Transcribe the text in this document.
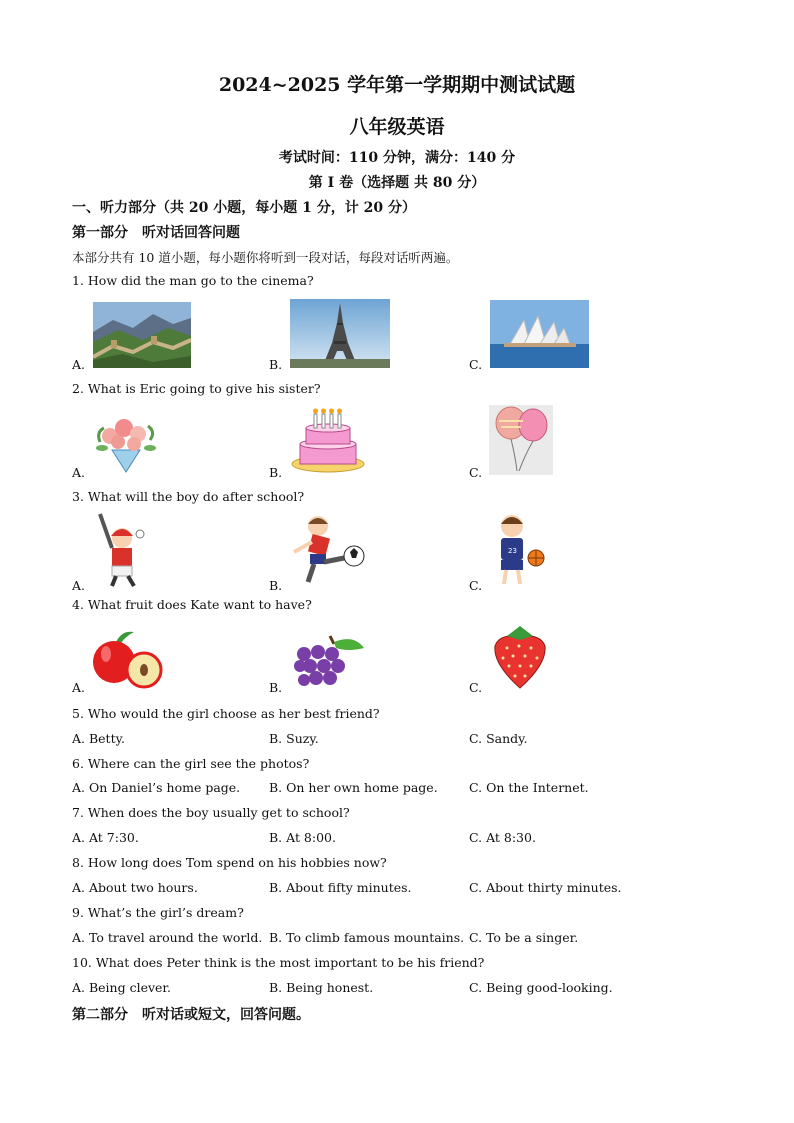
2024~2025 学年第一学期期中测试试题
八年级英语
考试时间：110 分钟，满分：140 分
第 I 卷（选择题 共 80 分）
一、听力部分（共 20 小题，每小题 1 分，计 20 分）
第一部分　听对话回答问题
本部分共有 10 道小题，每小题你将听到一段对话，每段对话听两遍。
1. How did the man go to the cinema?
A.	B.	C.
2. What is Eric going to give his sister?
A.	B.	C.
3. What will the boy do after school?
A.	B.	C.
23
4. What fruit does Kate want to have?
A.	B.	C.
5. Who would the girl choose as her best friend?
A. Betty.	B. Suzy.	C. Sandy.
6. Where can the girl see the photos?
A. On Daniel’s home page. B. On her own home page.	C. On the Internet.
7. When does the boy usually get to school?
A. At 7:30.	B. At 8:00.	C. At 8:30.
8. How long does Tom spend on his hobbies now?
A. About two hours.	B. About fifty minutes.	C. About thirty minutes.
9. What’s the girl’s dream?
A. To travel around the world. B. To climb famous mountains. C. To be a singer.
10. What does Peter think is the most important to be his friend?
A. Being clever.	B. Being honest.	C. Being good-looking.
第二部分　听对话或短文，回答问题。
